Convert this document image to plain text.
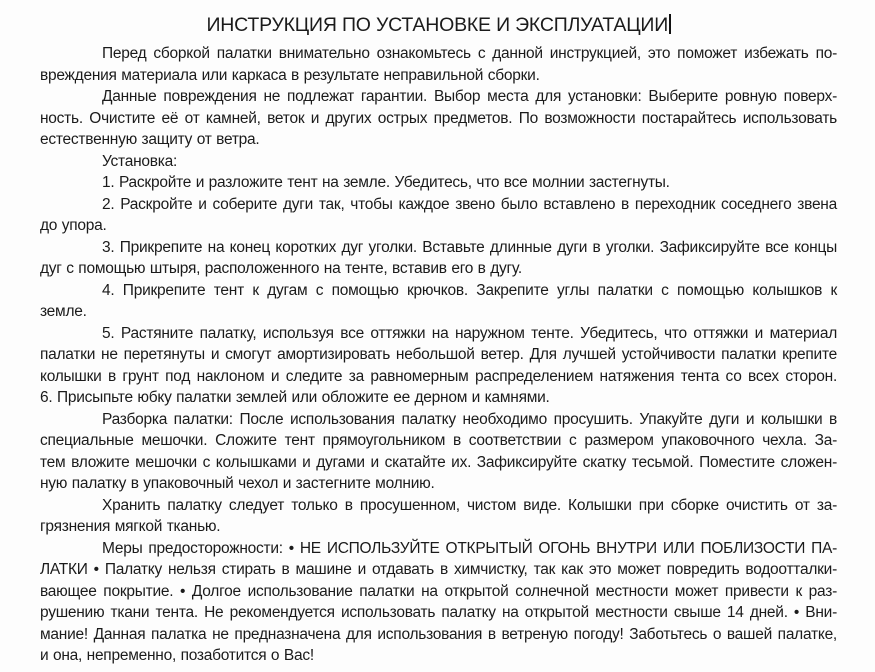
ИНСТРУКЦИЯ ПО УСТАНОВКЕ И ЭКСПЛУАТАЦИИ
Перед сборкой палатки внимательно ознакомьтесь с данной инструкцией, это поможет избежать по-
вреждения материала или каркаса в результате неправильной сборки.
Данные повреждения не подлежат гарантии. Выбор места для установки: Выберите ровную поверх-
ность. Очистите её от камней, веток и других острых предметов. По возможности постарайтесь использовать
естественную защиту от ветра.
Установка:
1. Раскройте и разложите тент на земле. Убедитесь, что все молнии застегнуты.
2. Раскройте и соберите дуги так, чтобы каждое звено было вставлено в переходник соседнего звена
до упора.
3. Прикрепите на конец коротких дуг уголки. Вставьте длинные дуги в уголки. Зафиксируйте все концы
дуг с помощью штыря, расположенного на тенте, вставив его в дугу.
4. Прикрепите тент к дугам с помощью крючков. Закрепите углы палатки с помощью колышков к
земле.
5. Растяните палатку, используя все оттяжки на наружном тенте. Убедитесь, что оттяжки и материал
палатки не перетянуты и смогут амортизировать небольшой ветер. Для лучшей устойчивости палатки крепите
колышки в грунт под наклоном и следите за равномерным распределением натяжения тента со всех сторон.
6. Присыпьте юбку палатки землей или обложите ее дерном и камнями.
Разборка палатки: После использования палатку необходимо просушить. Упакуйте дуги и колышки в
специальные мешочки. Сложите тент прямоугольником в соответствии с размером упаковочного чехла. За-
тем вложите мешочки с колышками и дугами и скатайте их. Зафиксируйте скатку тесьмой. Поместите сложен-
ную палатку в упаковочный чехол и застегните молнию.
Хранить палатку следует только в просушенном, чистом виде. Колышки при сборке очистить от за-
грязнения мягкой тканью.
Меры предосторожности: • НЕ ИСПОЛЬЗУЙТЕ ОТКРЫТЫЙ ОГОНЬ ВНУТРИ ИЛИ ПОБЛИЗОСТИ ПА-
ЛАТКИ • Палатку нельзя стирать в машине и отдавать в химчистку, так как это может повредить водоотталки-
вающее покрытие. • Долгое использование палатки на открытой солнечной местности может привести к раз-
рушению ткани тента. Не рекомендуется использовать палатку на открытой местности свыше 14 дней. • Вни-
мание! Данная палатка не предназначена для использования в ветреную погоду! Заботьтесь о вашей палатке,
и она, непременно, позаботится о Вас!
